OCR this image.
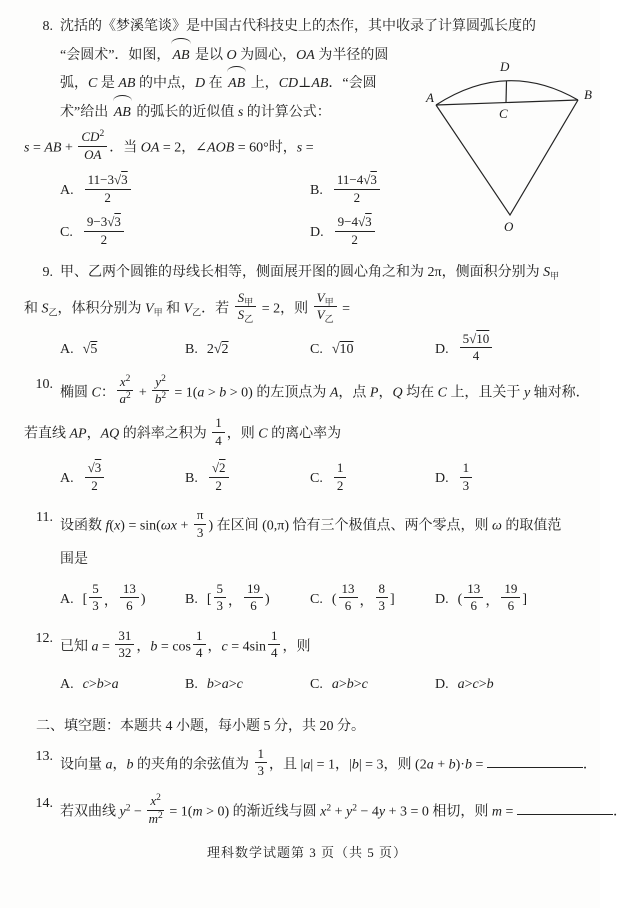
8. 沈括的《梦溪笔谈》是中国古代科技史上的杰作，其中收录了计算圆弧长度的
“会圆术”．如图， AB 是以 O 为圆心，OA 为半径的圆
弧，C 是 AB 的中点，D 在 AB 上，CD⊥AB．“会圆
术”给出 AB 的弧长的近似值 s 的计算公式：
s = AB + $\frac{CD^2}{OA}$ ．当 OA = 2，∠AOB = 60°时，s =
A. $\frac{11-3√3}{2}$	B. $\frac{11-4√3}{2}$
C. $\frac{9-3√3}{2}$	D. $\frac{9-4√3}{2}$
A	B
D
C
O
9. 甲、乙两个圆锥的母线长相等，侧面展开图的圆心角之和为 2π，侧面积分别为 $S_甲$
和 $S_乙$，体积分别为 $V_甲$ 和 $V_乙$．若 $\frac{S_甲}{S_乙} = 2$，则 $\frac{V_甲}{V_乙}$ =
A. √5	B. 2 √2	C. √10	D. $\frac{5√10}{4}$
10.
椭圆 C： $\frac{x^2}{a^2} + \frac{y^2}{b^2} = 1(a > b > 0)$ 的左顶点为 A，点 P，Q 均在 C 上，且关于 y 轴对称．
若直线 AP，AQ 的斜率之积为 $\frac{1}{4}$ ，则 C 的离心率为
A. $\frac{√3}{2}$	B. $\frac{√2}{2}$	C. $\frac{1}{2}$	D. $\frac{1}{3}$
11.
设函数 $f(x) = \sin(\omega x + \frac{\pi}{3}$ ) 在区间 (0,π) 恰有三个极值点、两个零点，则 ω 的取值范
围是
A. [ $\frac{5}{3}$ ， $\frac{13}{6}$ )	B. [ $\frac{5}{3}$ ， $\frac{19}{6}$ )	C. ( $\frac{13}{6}$ ， $\frac{8}{3}$ ]	D. ( $\frac{13}{6}$ ， $\frac{19}{6}$ ]
12.
已知 $a = \frac{31}{32}$ ，$b = \cos \frac{1}{4}$ ，$c = 4\sin \frac{1}{4}$ ，则
A. c > b > a	B. b > a > c	C. a > b > c	D. a > c > b
二、填空题：本题共 4 小题，每小题 5 分，共 20 分。
13.
设向量 a，b 的夹角的余弦值为 $\frac{1}{3}$ ，且 |a| = 1，|b| = 3，则 (2a + b)·b =	．
14.
若双曲线 $y^2 - \frac{x^2}{m^2} = 1(m > 0)$ 的渐近线与圆 $x^2 + y^2 - 4y + 3 = 0$ 相切，则 m =	．
理科数学试题第 3 页（共 5 页）
